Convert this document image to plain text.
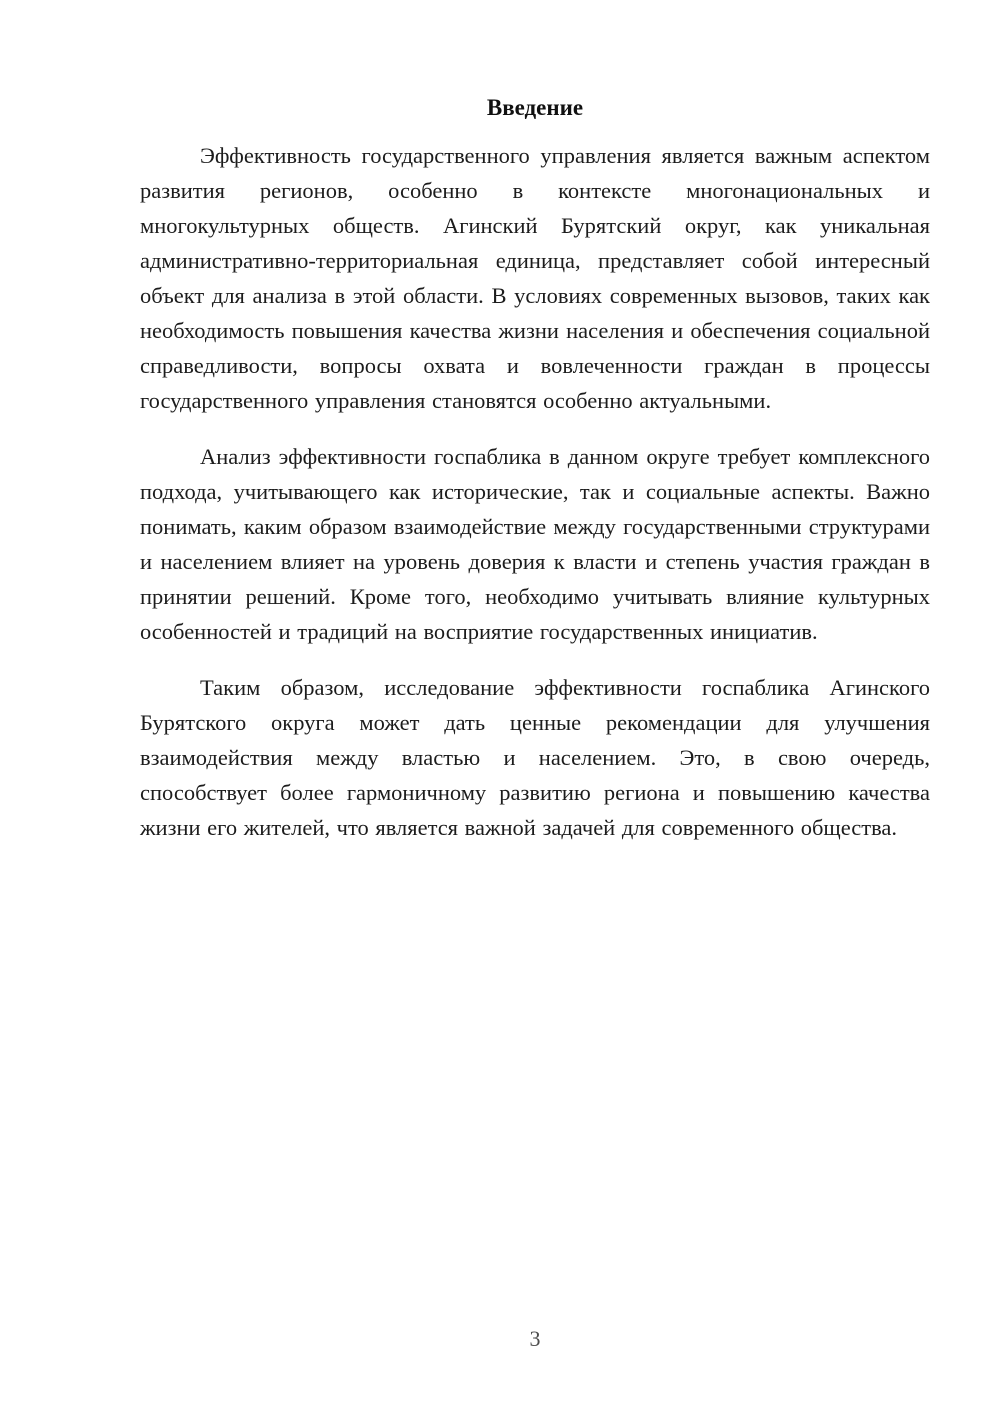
Введение

Эффективность государственного управления является важным аспектом развития регионов, особенно в контексте многонациональных и многокультурных обществ. Агинский Бурятский округ, как уникальная административно-территориальная единица, представляет собой интересный объект для анализа в этой области. В условиях современных вызовов, таких как необходимость повышения качества жизни населения и обеспечения социальной справедливости, вопросы охвата и вовлеченности граждан в процессы государственного управления становятся особенно актуальными.

Анализ эффективности госпаблика в данном округе требует комплексного подхода, учитывающего как исторические, так и социальные аспекты. Важно понимать, каким образом взаимодействие между государственными структурами и населением влияет на уровень доверия к власти и степень участия граждан в принятии решений. Кроме того, необходимо учитывать влияние культурных особенностей и традиций на восприятие государственных инициатив.

Таким образом, исследование эффективности госпаблика Агинского Бурятского округа может дать ценные рекомендации для улучшения взаимодействия между властью и населением. Это, в свою очередь, способствует более гармоничному развитию региона и повышению качества жизни его жителей, что является важной задачей для современного общества.

3
